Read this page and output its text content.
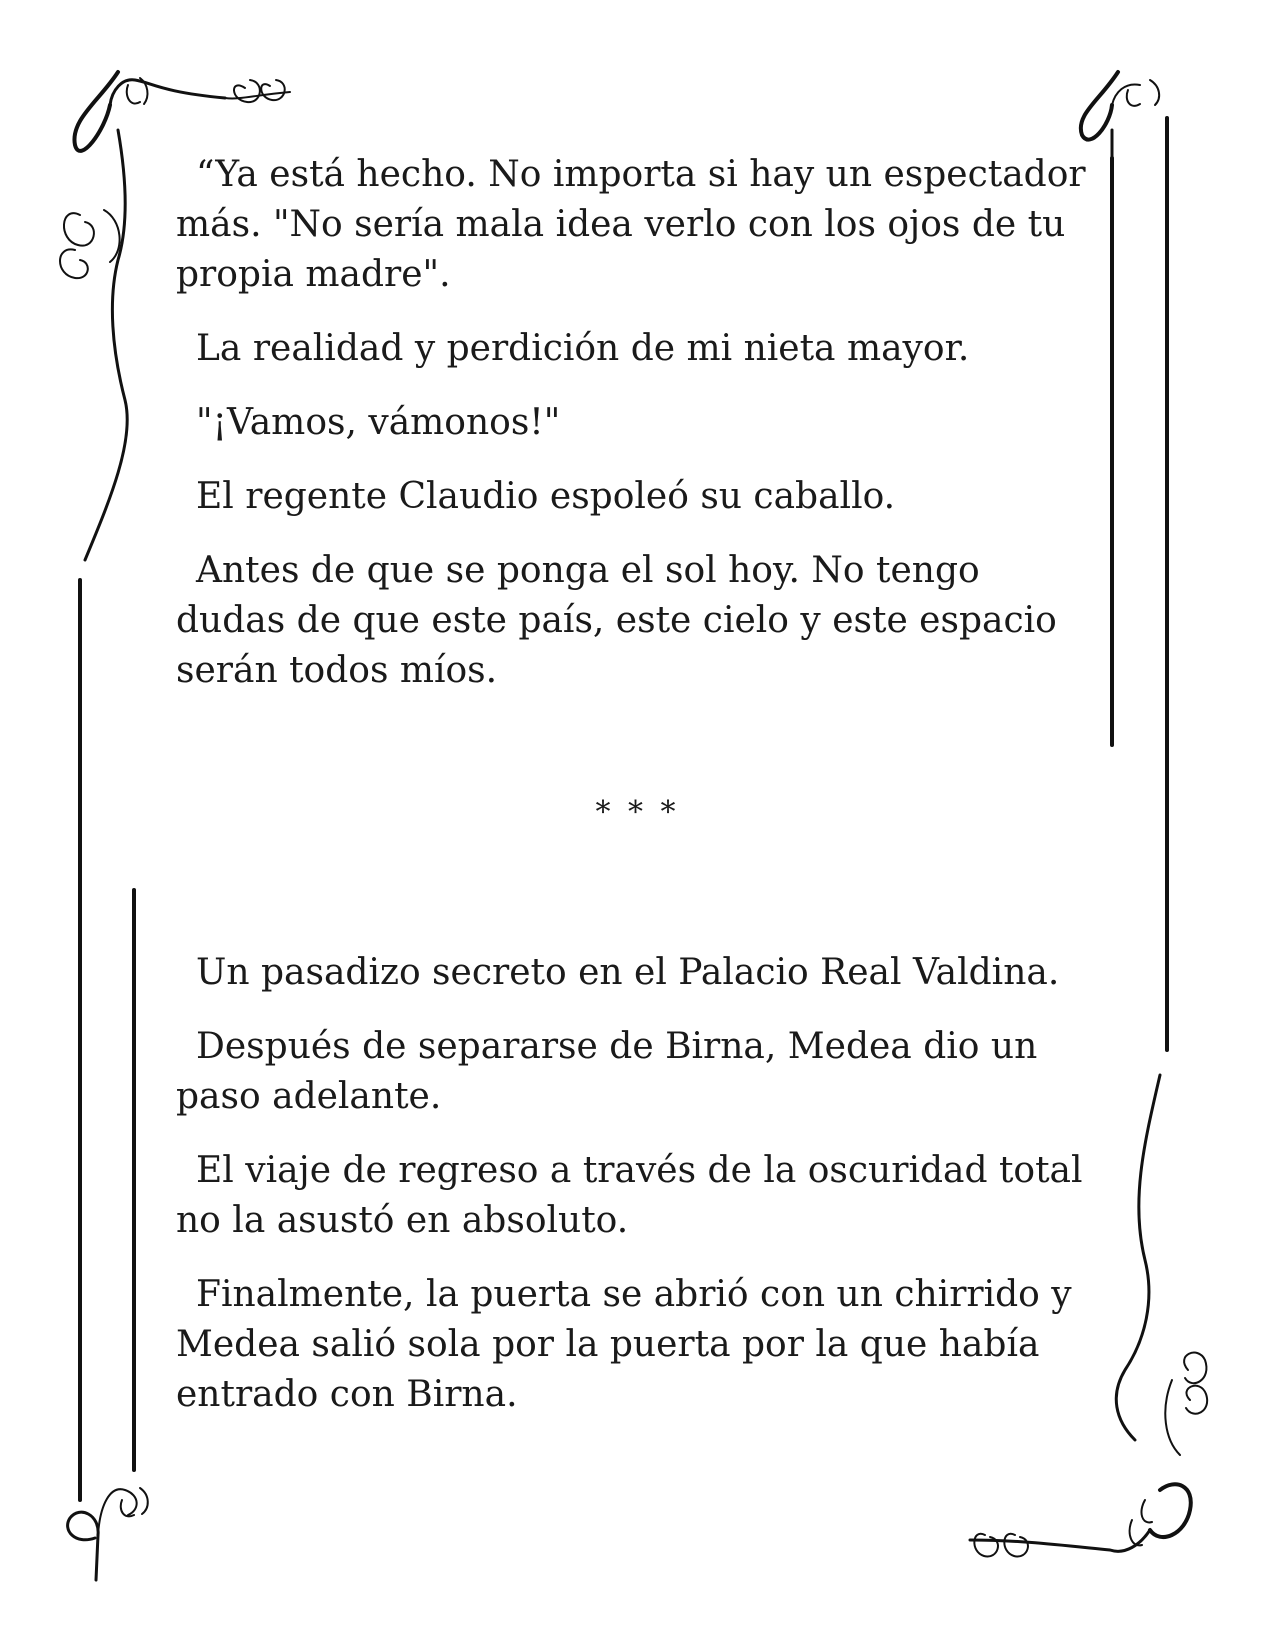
“Ya está hecho. No importa si hay un espectador más. "No sería mala idea verlo con los ojos de tu propia madre".

La realidad y perdición de mi nieta mayor.

"¡Vamos, vámonos!"

El regente Claudio espoleó su caballo.

Antes de que se ponga el sol hoy. No tengo dudas de que este país, este cielo y este espacio serán todos míos.

* * *

Un pasadizo secreto en el Palacio Real Valdina.

Después de separarse de Birna, Medea dio un paso adelante.

El viaje de regreso a través de la oscuridad total no la asustó en absoluto.

Finalmente, la puerta se abrió con un chirrido y Medea salió sola por la puerta por la que había entrado con Birna.
